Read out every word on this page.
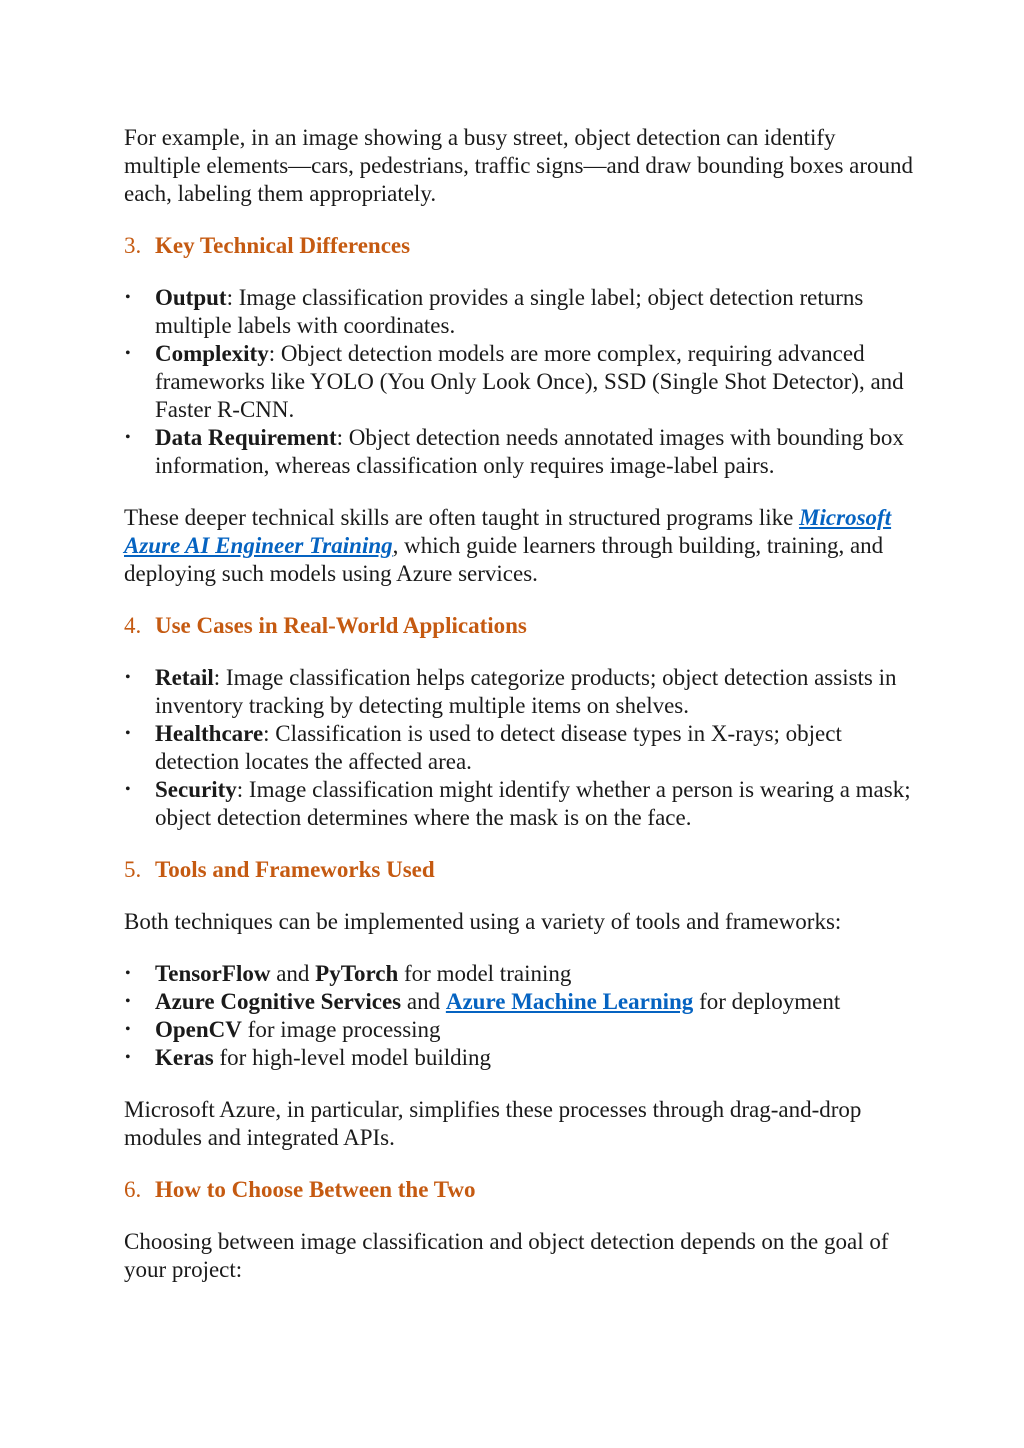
For example, in an image showing a busy street, object detection can identify multiple elements—cars, pedestrians, traffic signs—and draw bounding boxes around each, labeling them appropriately.

3. Key Technical Differences
• Output: Image classification provides a single label; object detection returns multiple labels with coordinates.
• Complexity: Object detection models are more complex, requiring advanced frameworks like YOLO (You Only Look Once), SSD (Single Shot Detector), and Faster R-CNN.
• Data Requirement: Object detection needs annotated images with bounding box information, whereas classification only requires image-label pairs.

These deeper technical skills are often taught in structured programs like Microsoft Azure AI Engineer Training, which guide learners through building, training, and deploying such models using Azure services.

4. Use Cases in Real-World Applications
• Retail: Image classification helps categorize products; object detection assists in inventory tracking by detecting multiple items on shelves.
• Healthcare: Classification is used to detect disease types in X-rays; object detection locates the affected area.
• Security: Image classification might identify whether a person is wearing a mask; object detection determines where the mask is on the face.
5. Tools and Frameworks Used

Both techniques can be implemented using a variety of tools and frameworks:

• TensorFlow and PyTorch for model training
• Azure Cognitive Services and Azure Machine Learning for deployment
• OpenCV for image processing
• Keras for high-level model building

Microsoft Azure, in particular, simplifies these processes through drag-and-drop modules and integrated APIs.

6. How to Choose Between the Two

Choosing between image classification and object detection depends on the goal of your project:
